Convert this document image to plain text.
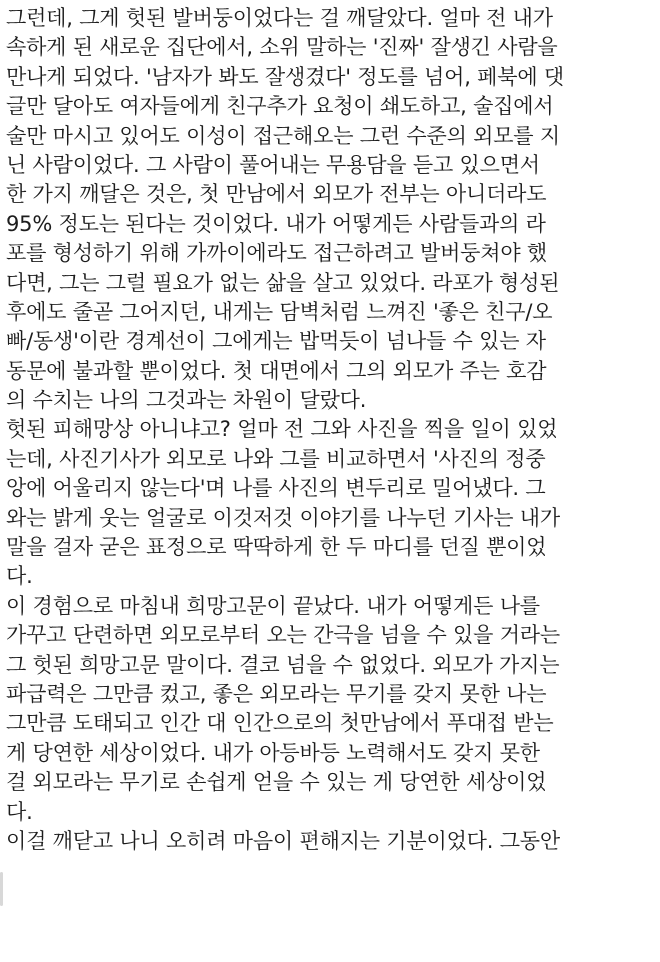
그런데, 그게 헛된 발버둥이었다는 걸 깨달았다. 얼마 전 내가
속하게 된 새로운 집단에서, 소위 말하는 '진짜' 잘생긴 사람을
만나게 되었다. '남자가 봐도 잘생겼다' 정도를 넘어, 페북에 댓
글만 달아도 여자들에게 친구추가 요청이 쇄도하고, 술집에서
술만 마시고 있어도 이성이 접근해오는 그런 수준의 외모를 지
닌 사람이었다. 그 사람이 풀어내는 무용담을 듣고 있으면서
한 가지 깨달은 것은, 첫 만남에서 외모가 전부는 아니더라도
95% 정도는 된다는 것이었다. 내가 어떻게든 사람들과의 라
포를 형성하기 위해 가까이에라도 접근하려고 발버둥쳐야 했
다면, 그는 그럴 필요가 없는 삶을 살고 있었다. 라포가 형성된
후에도 줄곧 그어지던, 내게는 담벽처럼 느껴진 '좋은 친구/오
빠/동생'이란 경계선이 그에게는 밥먹듯이 넘나들 수 있는 자
동문에 불과할 뿐이었다. 첫 대면에서 그의 외모가 주는 호감
의 수치는 나의 그것과는 차원이 달랐다.
헛된 피해망상 아니냐고? 얼마 전 그와 사진을 찍을 일이 있었
는데, 사진기사가 외모로 나와 그를 비교하면서 '사진의 정중
앙에 어울리지 않는다'며 나를 사진의 변두리로 밀어냈다. 그
와는 밝게 웃는 얼굴로 이것저것 이야기를 나누던 기사는 내가
말을 걸자 굳은 표정으로 딱딱하게 한 두 마디를 던질 뿐이었
다.
이 경험으로 마침내 희망고문이 끝났다. 내가 어떻게든 나를
가꾸고 단련하면 외모로부터 오는 간극을 넘을 수 있을 거라는
그 헛된 희망고문 말이다. 결코 넘을 수 없었다. 외모가 가지는
파급력은 그만큼 컸고, 좋은 외모라는 무기를 갖지 못한 나는
그만큼 도태되고 인간 대 인간으로의 첫만남에서 푸대접 받는
게 당연한 세상이었다. 내가 아등바등 노력해서도 갖지 못한
걸 외모라는 무기로 손쉽게 얻을 수 있는 게 당연한 세상이었
다.
이걸 깨닫고 나니 오히려 마음이 편해지는 기분이었다. 그동안
